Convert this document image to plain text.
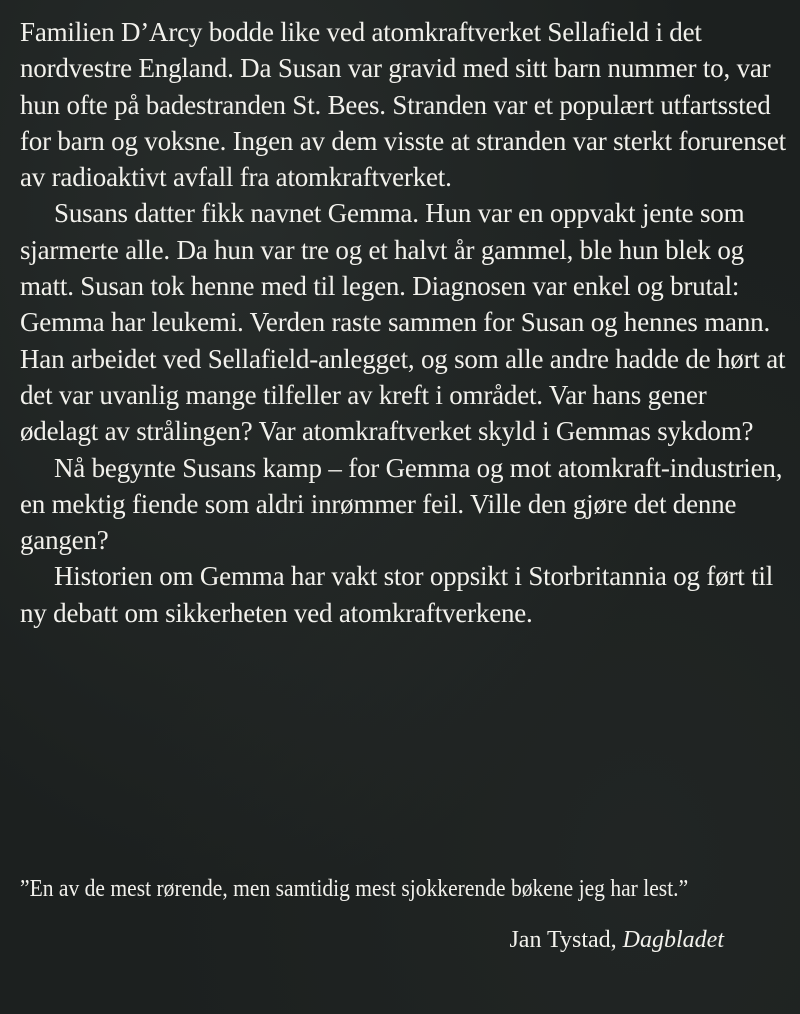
Familien D’Arcy bodde like ved atomkraftverket Sellafield i det nordvestre England. Da Susan var gravid med sitt barn nummer to, var hun ofte på badestranden St. Bees. Stranden var et populært utfartssted for barn og voksne. Ingen av dem visste at stranden var sterkt forurenset av radioaktivt avfall fra atomkraftverket.

Susans datter fikk navnet Gemma. Hun var en oppvakt jente som sjarmerte alle. Da hun var tre og et halvt år gammel, ble hun blek og matt. Susan tok henne med til legen. Diagnosen var enkel og brutal: Gemma har leukemi. Verden raste sammen for Susan og hennes mann. Han arbeidet ved Sellafield-anlegget, og som alle andre hadde de hørt at det var uvanlig mange tilfeller av kreft i området. Var hans gener ødelagt av strålingen? Var atomkraftverket skyld i Gemmas sykdom?

Nå begynte Susans kamp – for Gemma og mot atomkraft-industrien, en mektig fiende som aldri inrømmer feil. Ville den gjøre det denne gangen?

Historien om Gemma har vakt stor oppsikt i Storbritannia og ført til ny debatt om sikkerheten ved atomkraftverkene.

”En av de mest rørende, men samtidig mest sjokkerende bøkene jeg har lest.”
Jan Tystad, Dagbladet
